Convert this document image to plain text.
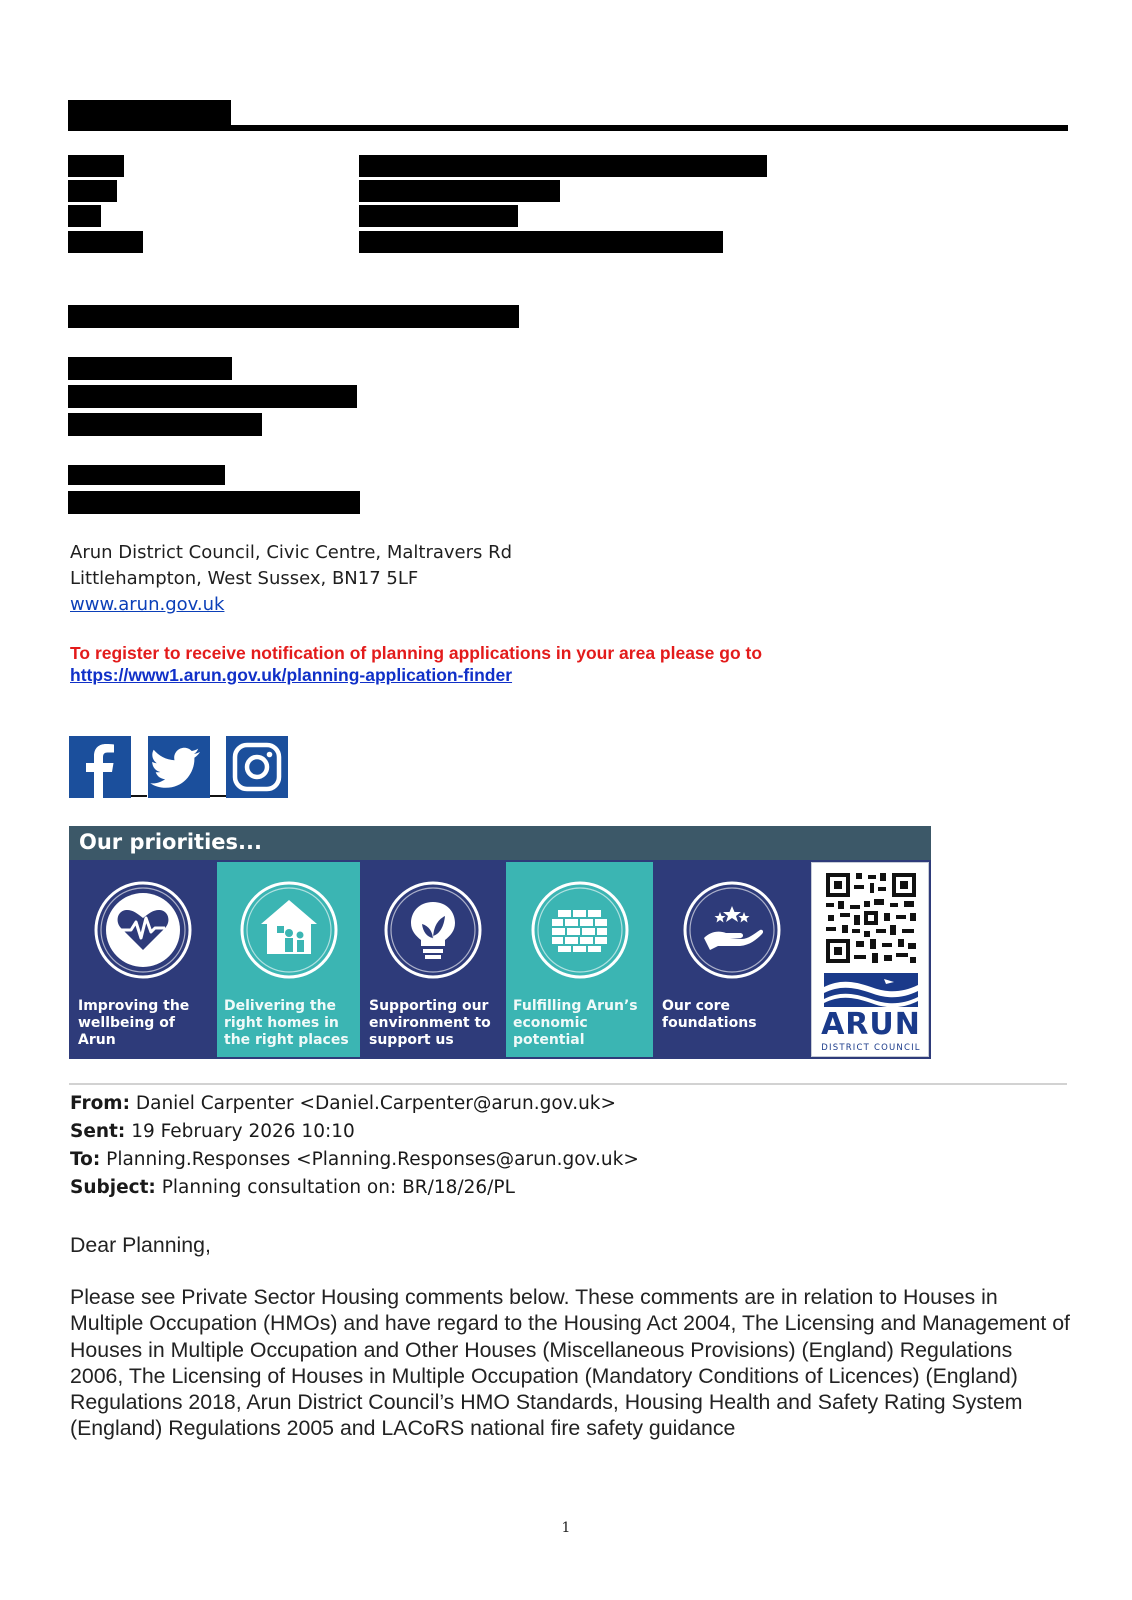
Arun District Council, Civic Centre, Maltravers Rd
Littlehampton, West Sussex, BN17 5LF
www.arun.gov.uk
To register to receive notification of planning applications in your area please go to
https://www1.arun.gov.uk/planning-application-finder
Our priorities...
Improving the wellbeing of Arun
Delivering the right homes in the right places
Supporting our environment to support us
Fulfilling Arun’s economic potential
Our core foundations	ARUN
DISTRICT COUNCIL
From: Daniel Carpenter <Daniel.Carpenter@arun.gov.uk>
Sent: 19 February 2026 10:10
To: Planning.Responses <Planning.Responses@arun.gov.uk>
Subject: Planning consultation on: BR/18/26/PL
Dear Planning,
Please see Private Sector Housing comments below. These comments are in relation to Houses in Multiple Occupation (HMOs) and have regard to the Housing Act 2004, The Licensing and Management of Houses in Multiple Occupation and Other Houses (Miscellaneous Provisions) (England) Regulations 2006, The Licensing of Houses in Multiple Occupation (Mandatory Conditions of Licences) (England) Regulations 2018, Arun District Council’s HMO Standards, Housing Health and Safety Rating System (England) Regulations 2005 and LACoRS national fire safety guidance
1
